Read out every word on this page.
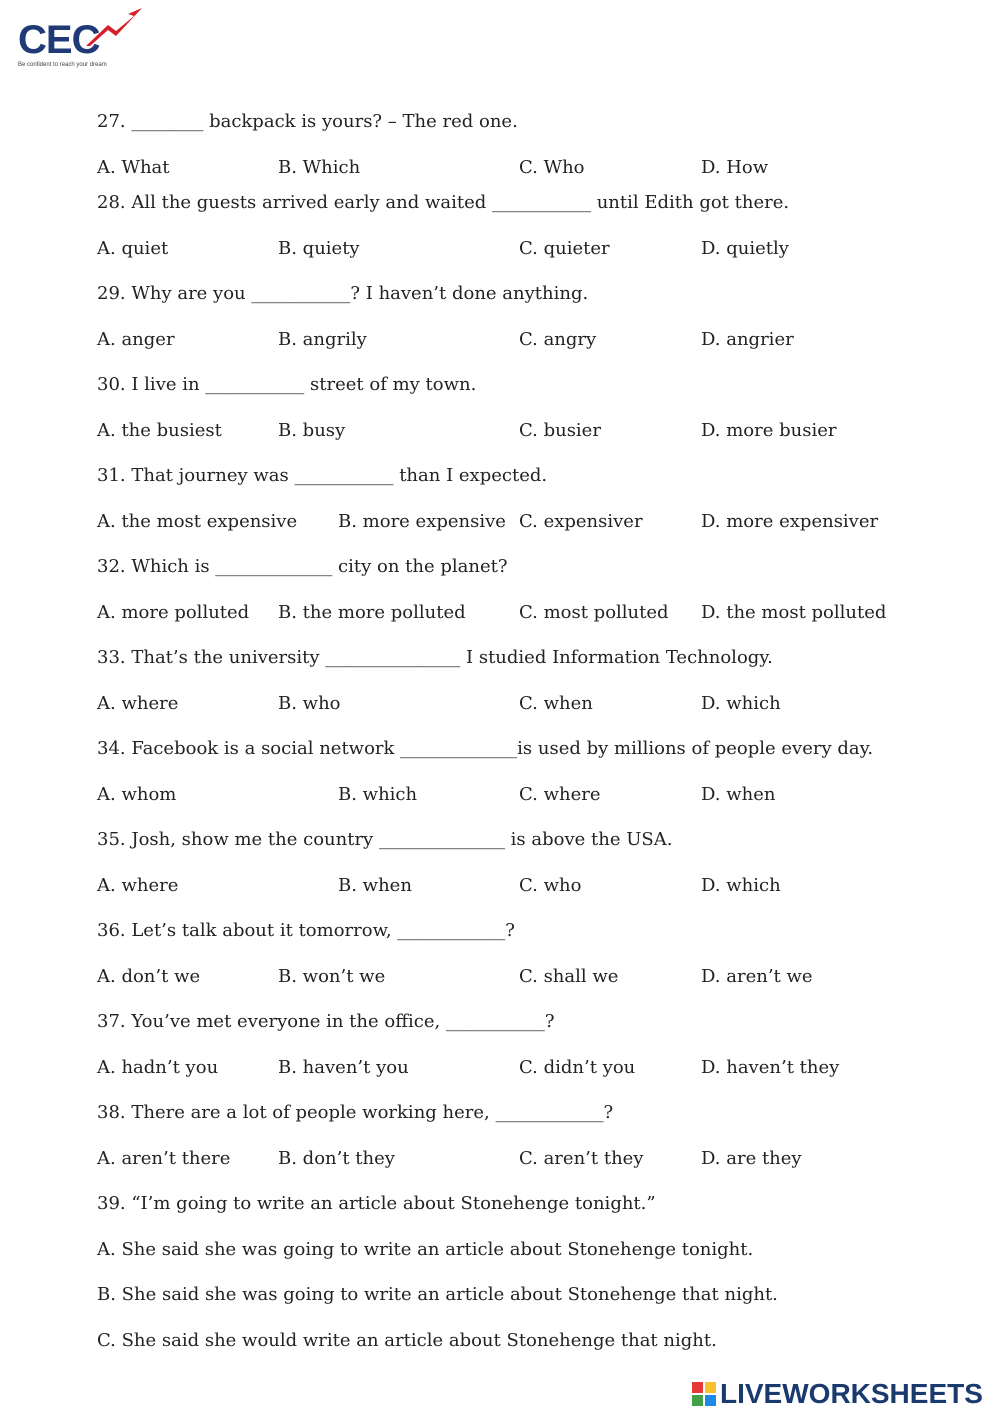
CEC
Be confident to reach your dream
27. ________ backpack is yours? – The red one.
A. What	B. Which	C. Who	D. How
28. All the guests arrived early and waited ___________ until Edith got there.
A. quiet	B. quiety	C. quieter	D. quietly
29. Why are you ___________? I haven’t done anything.
A. anger	B. angrily	C. angry	D. angrier
30. I live in ___________ street of my town.
A. the busiest	B. busy	C. busier	D. more busier
31. That journey was ___________ than I expected.
A. the most expensive B. more expensive C. expensiver	D. more expensiver
32. Which is _____________ city on the planet?
A. more polluted B. the more polluted	C. most polluted D. the most polluted
33. That’s the university _______________ I studied Information Technology.
A. where	B. who	C. when	D. which
34. Facebook is a social network _____________is used by millions of people every day.
A. whom	B. which	C. where	D. when
35. Josh, show me the country ______________ is above the USA.
A. where	B. when	C. who	D. which
36. Let’s talk about it tomorrow, ____________?
A. don’t we	B. won’t we	C. shall we	D. aren’t we
37. You’ve met everyone in the office, ___________?
A. hadn’t you	B. haven’t you	C. didn’t you	D. haven’t they
38. There are a lot of people working here, ____________?
A. aren’t there	B. don’t they	C. aren’t they	D. are they
39. “I’m going to write an article about Stonehenge tonight.”
A. She said she was going to write an article about Stonehenge tonight.
B. She said she was going to write an article about Stonehenge that night.
C. She said she would write an article about Stonehenge that night.
LIVEWORKSHEETS
